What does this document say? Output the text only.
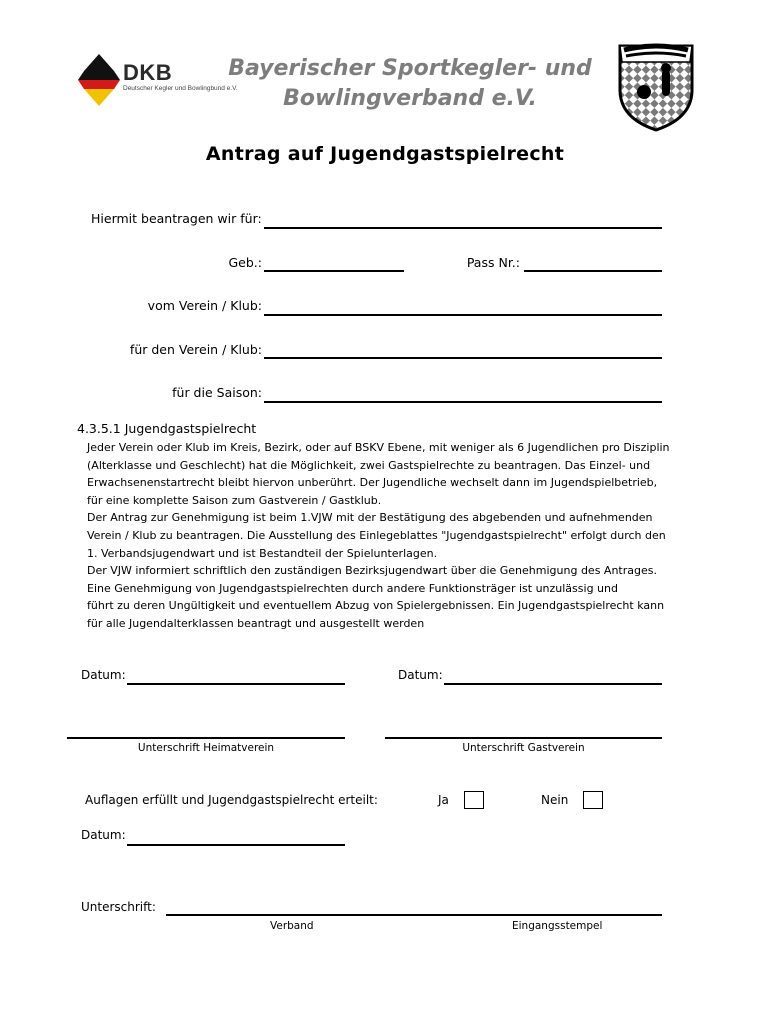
DKB
Deutscher Kegler und Bowlingbund e.V.
Bayerischer Sportkegler- und
Bowlingverband e.V.
Antrag auf Jugendgastspielrecht
Hiermit beantragen wir für:
Geb.:	Pass Nr.:
vom Verein / Klub:
für den Verein / Klub:
für die Saison:
4.3.5.1 Jugendgastspielrecht
Jeder Verein oder Klub im Kreis, Bezirk, oder auf BSKV Ebene, mit weniger als 6 Jugendlichen pro Disziplin
(Alterklasse und Geschlecht) hat die Möglichkeit, zwei Gastspielrechte zu beantragen. Das Einzel- und
Erwachsenenstartrecht bleibt hiervon unberührt. Der Jugendliche wechselt dann im Jugendspielbetrieb,
für eine komplette Saison zum Gastverein / Gastklub.
Der Antrag zur Genehmigung ist beim 1.VJW mit der Bestätigung des abgebenden und aufnehmenden
Verein / Klub zu beantragen. Die Ausstellung des Einlegeblattes "Jugendgastspielrecht" erfolgt durch den
1. Verbandsjugendwart und ist Bestandteil der Spielunterlagen.
Der VJW informiert schriftlich den zuständigen Bezirksjugendwart über die Genehmigung des Antrages.
Eine Genehmigung von Jugendgastspielrechten durch andere Funktionsträger ist unzulässig und
führt zu deren Ungültigkeit und eventuellem Abzug von Spielergebnissen. Ein Jugendgastspielrecht kann
für alle Jugendalterklassen beantragt und ausgestellt werden
Datum:	Datum:
Unterschrift Heimatverein	Unterschrift Gastverein
Auflagen erfüllt und Jugendgastspielrecht erteilt:	Ja	Nein
Datum:
Unterschrift:
Verband	Eingangsstempel
